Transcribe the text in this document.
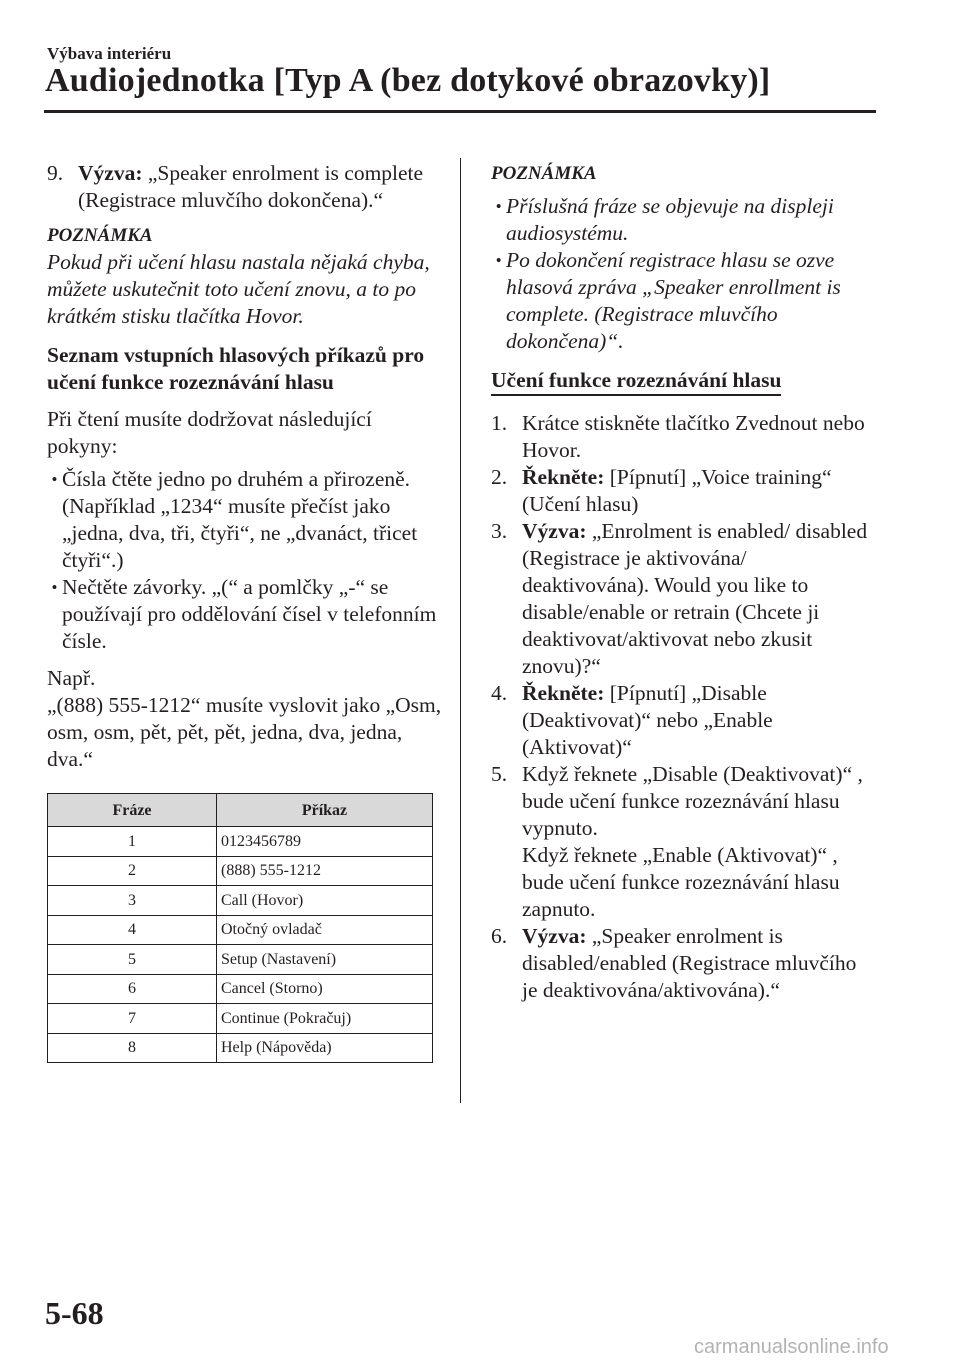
Výbava interiéru
Audiojednotka [Typ A (bez dotykové obrazovky)]
9. Výzva: „Speaker enrolment is complete (Registrace mluvčího dokončena).“
POZNÁMKA
Pokud při učení hlasu nastala nějaká chyba, můžete uskutečnit toto učení znovu, a to po krátkém stisku tlačítka Hovor.
Seznam vstupních hlasových příkazů pro učení funkce rozeznávání hlasu
Při čtení musíte dodržovat následující pokyny:
• Čísla čtěte jedno po druhém a přirozeně. (Například „1234“ musíte přečíst jako „jedna, dva, tři, čtyři“, ne „dvanáct, třicet čtyři“.)
• Nečtěte závorky. „(“ a pomlčky „-“ se používají pro oddělování čísel v telefonním čísle.
Např.
„(888) 555-1212“ musíte vyslovit jako „Osm, osm, osm, pět, pět, pět, jedna, dva, jedna, dva.“
Fráze	Příkaz
1	0123456789
2	(888) 555-1212
3	Call (Hovor)
4	Otočný ovladač
5	Setup (Nastavení)
6	Cancel (Storno)
7	Continue (Pokračuj)
8	Help (Nápověda)
POZNÁMKA
• Příslušná fráze se objevuje na displeji audiosystému.
• Po dokončení registrace hlasu se ozve hlasová zpráva „Speaker enrollment is complete. (Registrace mluvčího dokončena)“.
Učení funkce rozeznávání hlasu
1. Krátce stiskněte tlačítko Zvednout nebo Hovor.
2. Řekněte: [Pípnutí] „Voice training“ (Učení hlasu)
3. Výzva: „Enrolment is enabled/ disabled (Registrace je aktivována/ deaktivována). Would you like to disable/enable or retrain (Chcete ji deaktivovat/aktivovat nebo zkusit znovu)?“
4. Řekněte: [Pípnutí] „Disable (Deaktivovat)“ nebo „Enable (Aktivovat)“
5. Když řeknete „Disable (Deaktivovat)“ , bude učení funkce rozeznávání hlasu vypnuto.
Když řeknete „Enable (Aktivovat)“ , bude učení funkce rozeznávání hlasu zapnuto.
6. Výzva: „Speaker enrolment is disabled/enabled (Registrace mluvčího je deaktivována/aktivována).“
5-68
carmanualsonline.info
